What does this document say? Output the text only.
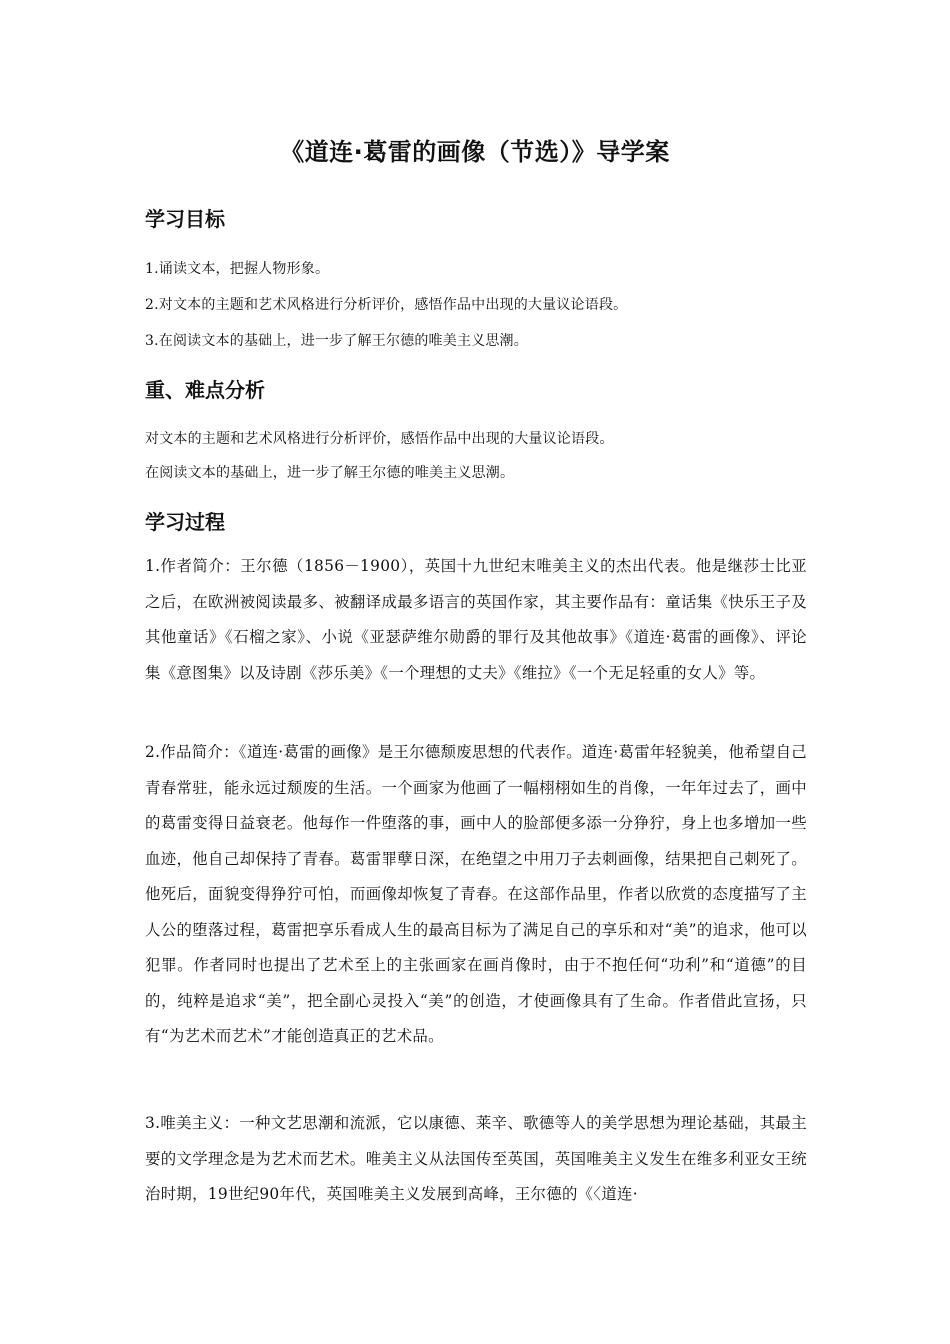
《道连·葛雷的画像（节选）》导学案
学习目标
1.诵读文本，把握人物形象。
2.对文本的主题和艺术风格进行分析评价，感悟作品中出现的大量议论语段。
3.在阅读文本的基础上，进一步了解王尔德的唯美主义思潮。
重、难点分析
对文本的主题和艺术风格进行分析评价，感悟作品中出现的大量议论语段。
在阅读文本的基础上，进一步了解王尔德的唯美主义思潮。
学习过程
1.作者简介：王尔德（1856－1900），英国十九世纪末唯美主义的杰出代表。他是继莎士比亚之后，在欧洲被阅读最多、被翻译成最多语言的英国作家，其主要作品有：童话集《快乐王子及其他童话》《石榴之家》、小说《亚瑟萨维尔勋爵的罪行及其他故事》《道连·葛雷的画像》、评论集《意图集》以及诗剧《莎乐美》《一个理想的丈夫》《维拉》《一个无足轻重的女人》等。
2.作品简介：《道连·葛雷的画像》是王尔德颓废思想的代表作。道连·葛雷年轻貌美，他希望自己青春常驻，能永远过颓废的生活。一个画家为他画了一幅栩栩如生的肖像，一年年过去了，画中的葛雷变得日益衰老。他每作一件堕落的事，画中人的脸部便多添一分狰狞，身上也多增加一些血迹，他自己却保持了青春。葛雷罪孽日深，在绝望之中用刀子去刺画像，结果把自己刺死了。他死后，面貌变得狰狞可怕，而画像却恢复了青春。在这部作品里，作者以欣赏的态度描写了主人公的堕落过程，葛雷把享乐看成人生的最高目标为了满足自己的享乐和对“美”的追求，他可以犯罪。作者同时也提出了艺术至上的主张画家在画肖像时，由于不抱任何“功利”和“道德”的目的，纯粹是追求“美”，把全副心灵投入“美”的创造，才使画像具有了生命。作者借此宣扬，只有“为艺术而艺术”才能创造真正的艺术品。
3.唯美主义：一种文艺思潮和流派，它以康德、莱辛、歌德等人的美学思想为理论基础，其最主要的文学理念是为艺术而艺术。唯美主义从法国传至英国，英国唯美主义发生在维多利亚女王统治时期，19世纪90年代，英国唯美主义发展到高峰，王尔德的《〈道连·
